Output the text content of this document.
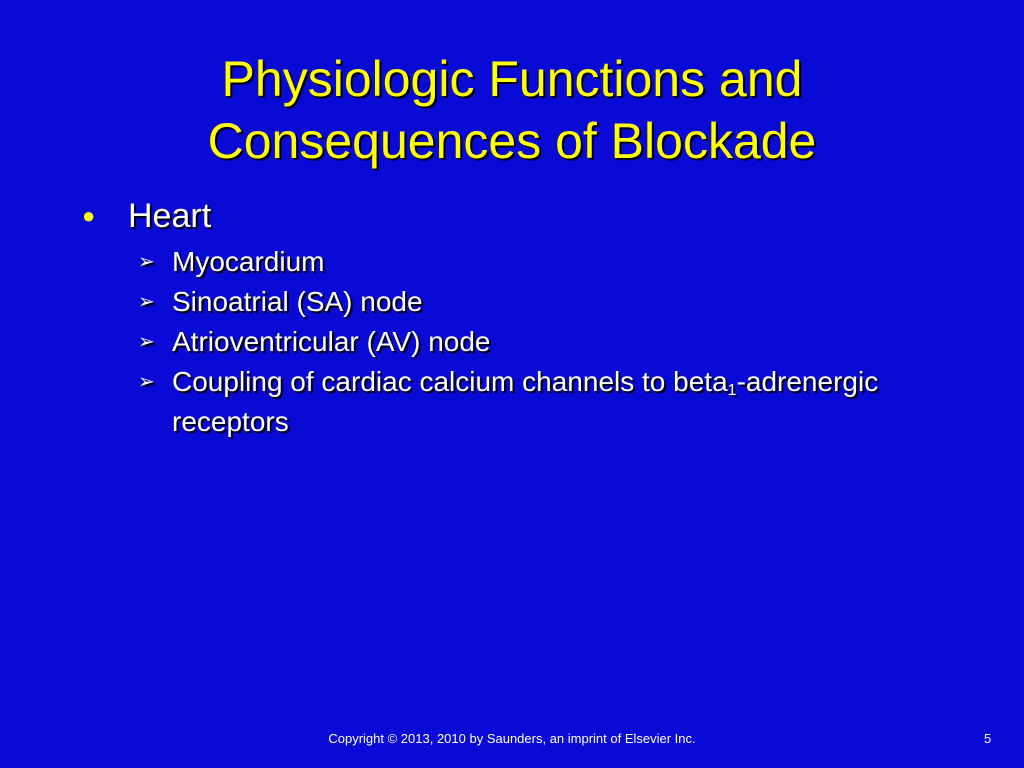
Physiologic Functions and
Consequences of Blockade
● Heart
➢ Myocardium
➢ Sinoatrial (SA) node
➢ Atrioventricular (AV) node
➢ Coupling of cardiac calcium channels to beta$_1$-adrenergic receptors
Copyright © 2013, 2010 by Saunders, an imprint of Elsevier Inc.	5
